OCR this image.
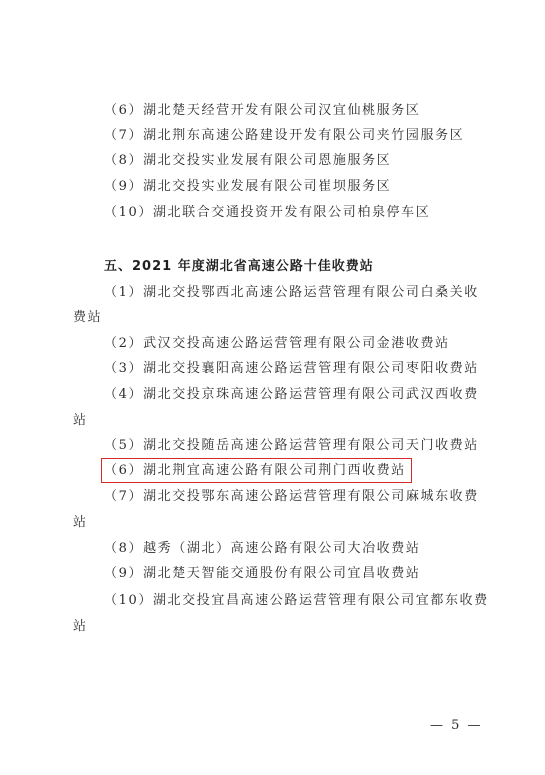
（6）湖北楚天经营开发有限公司汉宜仙桃服务区
（7）湖北荆东高速公路建设开发有限公司夹竹园服务区
（8）湖北交投实业发展有限公司恩施服务区
（9）湖北交投实业发展有限公司崔坝服务区
（10）湖北联合交通投资开发有限公司柏泉停车区
五、2021 年度湖北省高速公路十佳收费站
（1）湖北交投鄂西北高速公路运营管理有限公司白桑关收
费站
（2）武汉交投高速公路运营管理有限公司金港收费站
（3）湖北交投襄阳高速公路运营管理有限公司枣阳收费站
（4）湖北交投京珠高速公路运营管理有限公司武汉西收费
站
（5）湖北交投随岳高速公路运营管理有限公司天门收费站
（6）湖北荆宜高速公路有限公司荆门西收费站
（7）湖北交投鄂东高速公路运营管理有限公司麻城东收费
站
（8）越秀（湖北）高速公路有限公司大冶收费站
（9）湖北楚天智能交通股份有限公司宜昌收费站
（10）湖北交投宜昌高速公路运营管理有限公司宜都东收费
站
— 5 —
